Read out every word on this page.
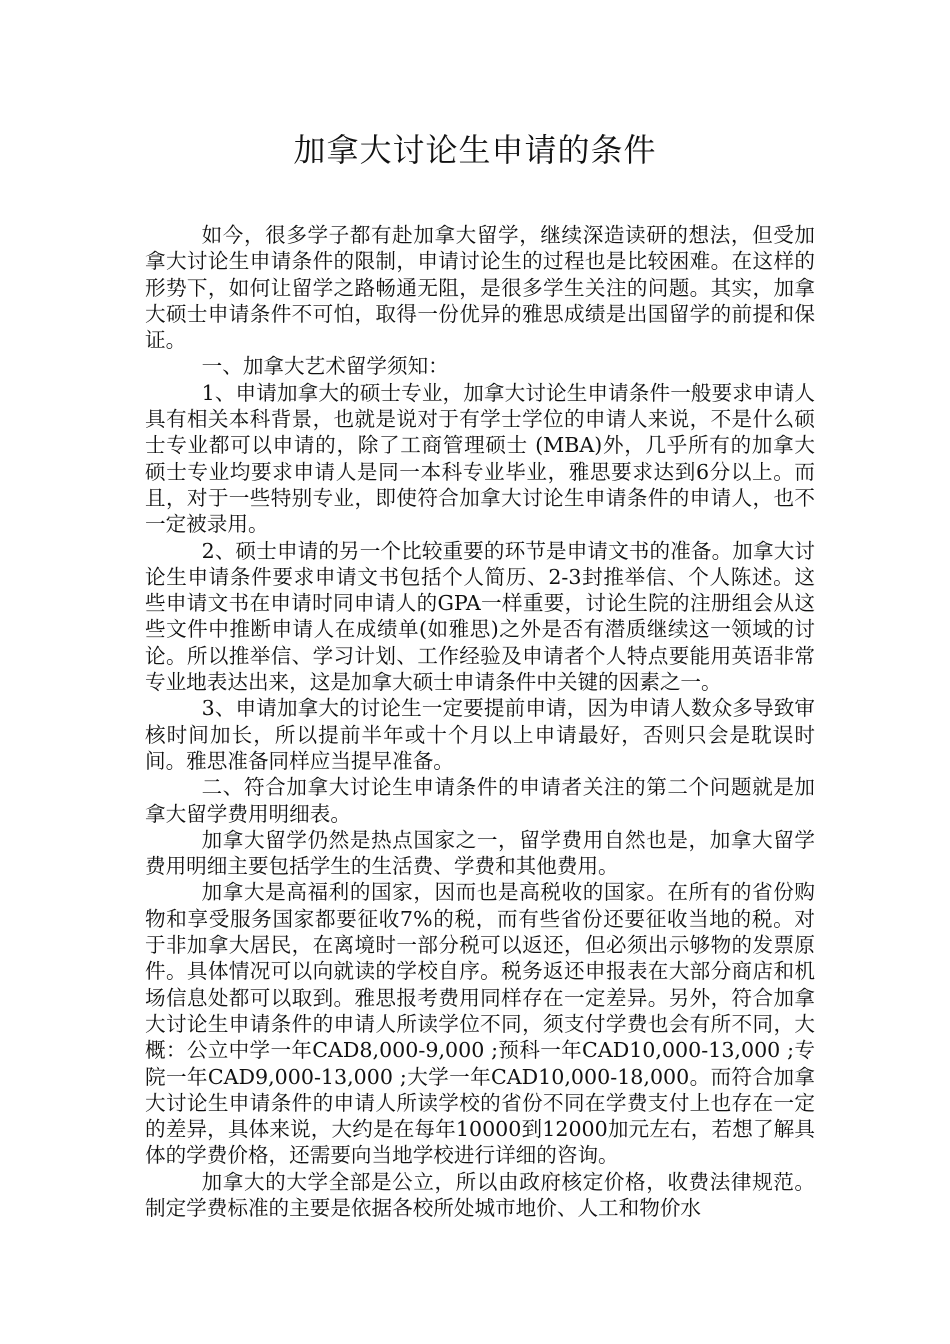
加拿大讨论生申请的条件

如今，很多学子都有赴加拿大留学，继续深造读研的想法，但受加拿大讨论生申请条件的限制，申请讨论生的过程也是比较困难。在这样的形势下，如何让留学之路畅通无阻，是很多学生关注的问题。其实，加拿大硕士申请条件不可怕，取得一份优异的雅思成绩是出国留学的前提和保证。

一、加拿大艺术留学须知：

1、申请加拿大的硕士专业，加拿大讨论生申请条件一般要求申请人具有相关本科背景，也就是说对于有学士学位的申请人来说，不是什么硕士专业都可以申请的，除了工商管理硕士 (MBA)外，几乎所有的加拿大硕士专业均要求申请人是同一本科专业毕业，雅思要求达到6分以上。而且，对于一些特别专业，即使符合加拿大讨论生申请条件的申请人，也不一定被录用。

2、硕士申请的另一个比较重要的环节是申请文书的准备。加拿大讨论生申请条件要求申请文书包括个人简历、2-3封推举信、个人陈述。这些申请文书在申请时同申请人的GPA一样重要，讨论生院的注册组会从这些文件中推断申请人在成绩单(如雅思)之外是否有潜质继续这一领域的讨论。所以推举信、学习计划、工作经验及申请者个人特点要能用英语非常专业地表达出来，这是加拿大硕士申请条件中关键的因素之一。

3、申请加拿大的讨论生一定要提前申请，因为申请人数众多导致审核时间加长，所以提前半年或十个月以上申请最好，否则只会是耽误时间。雅思准备同样应当提早准备。

二、符合加拿大讨论生申请条件的申请者关注的第二个问题就是加拿大留学费用明细表。

加拿大留学仍然是热点国家之一，留学费用自然也是，加拿大留学费用明细主要包括学生的生活费、学费和其他费用。

加拿大是高福利的国家，因而也是高税收的国家。在所有的省份购物和享受服务国家都要征收7%的税，而有些省份还要征收当地的税。对于非加拿大居民，在离境时一部分税可以返还，但必须出示够物的发票原件。具体情况可以向就读的学校自序。税务返还申报表在大部分商店和机场信息处都可以取到。雅思报考费用同样存在一定差异。另外，符合加拿大讨论生申请条件的申请人所读学位不同，须支付学费也会有所不同，大概：公立中学一年CAD8,000-9,000 ;预科一年CAD10,000-13,000 ;专院一年CAD9,000-13,000 ;大学一年CAD10,000-18,000。而符合加拿大讨论生申请条件的申请人所读学校的省份不同在学费支付上也存在一定的差异，具体来说，大约是在每年10000到12000加元左右，若想了解具体的学费价格，还需要向当地学校进行详细的咨询。

加拿大的大学全部是公立，所以由政府核定价格，收费法律规范。制定学费标准的主要是依据各校所处城市地价、人工和物价水
